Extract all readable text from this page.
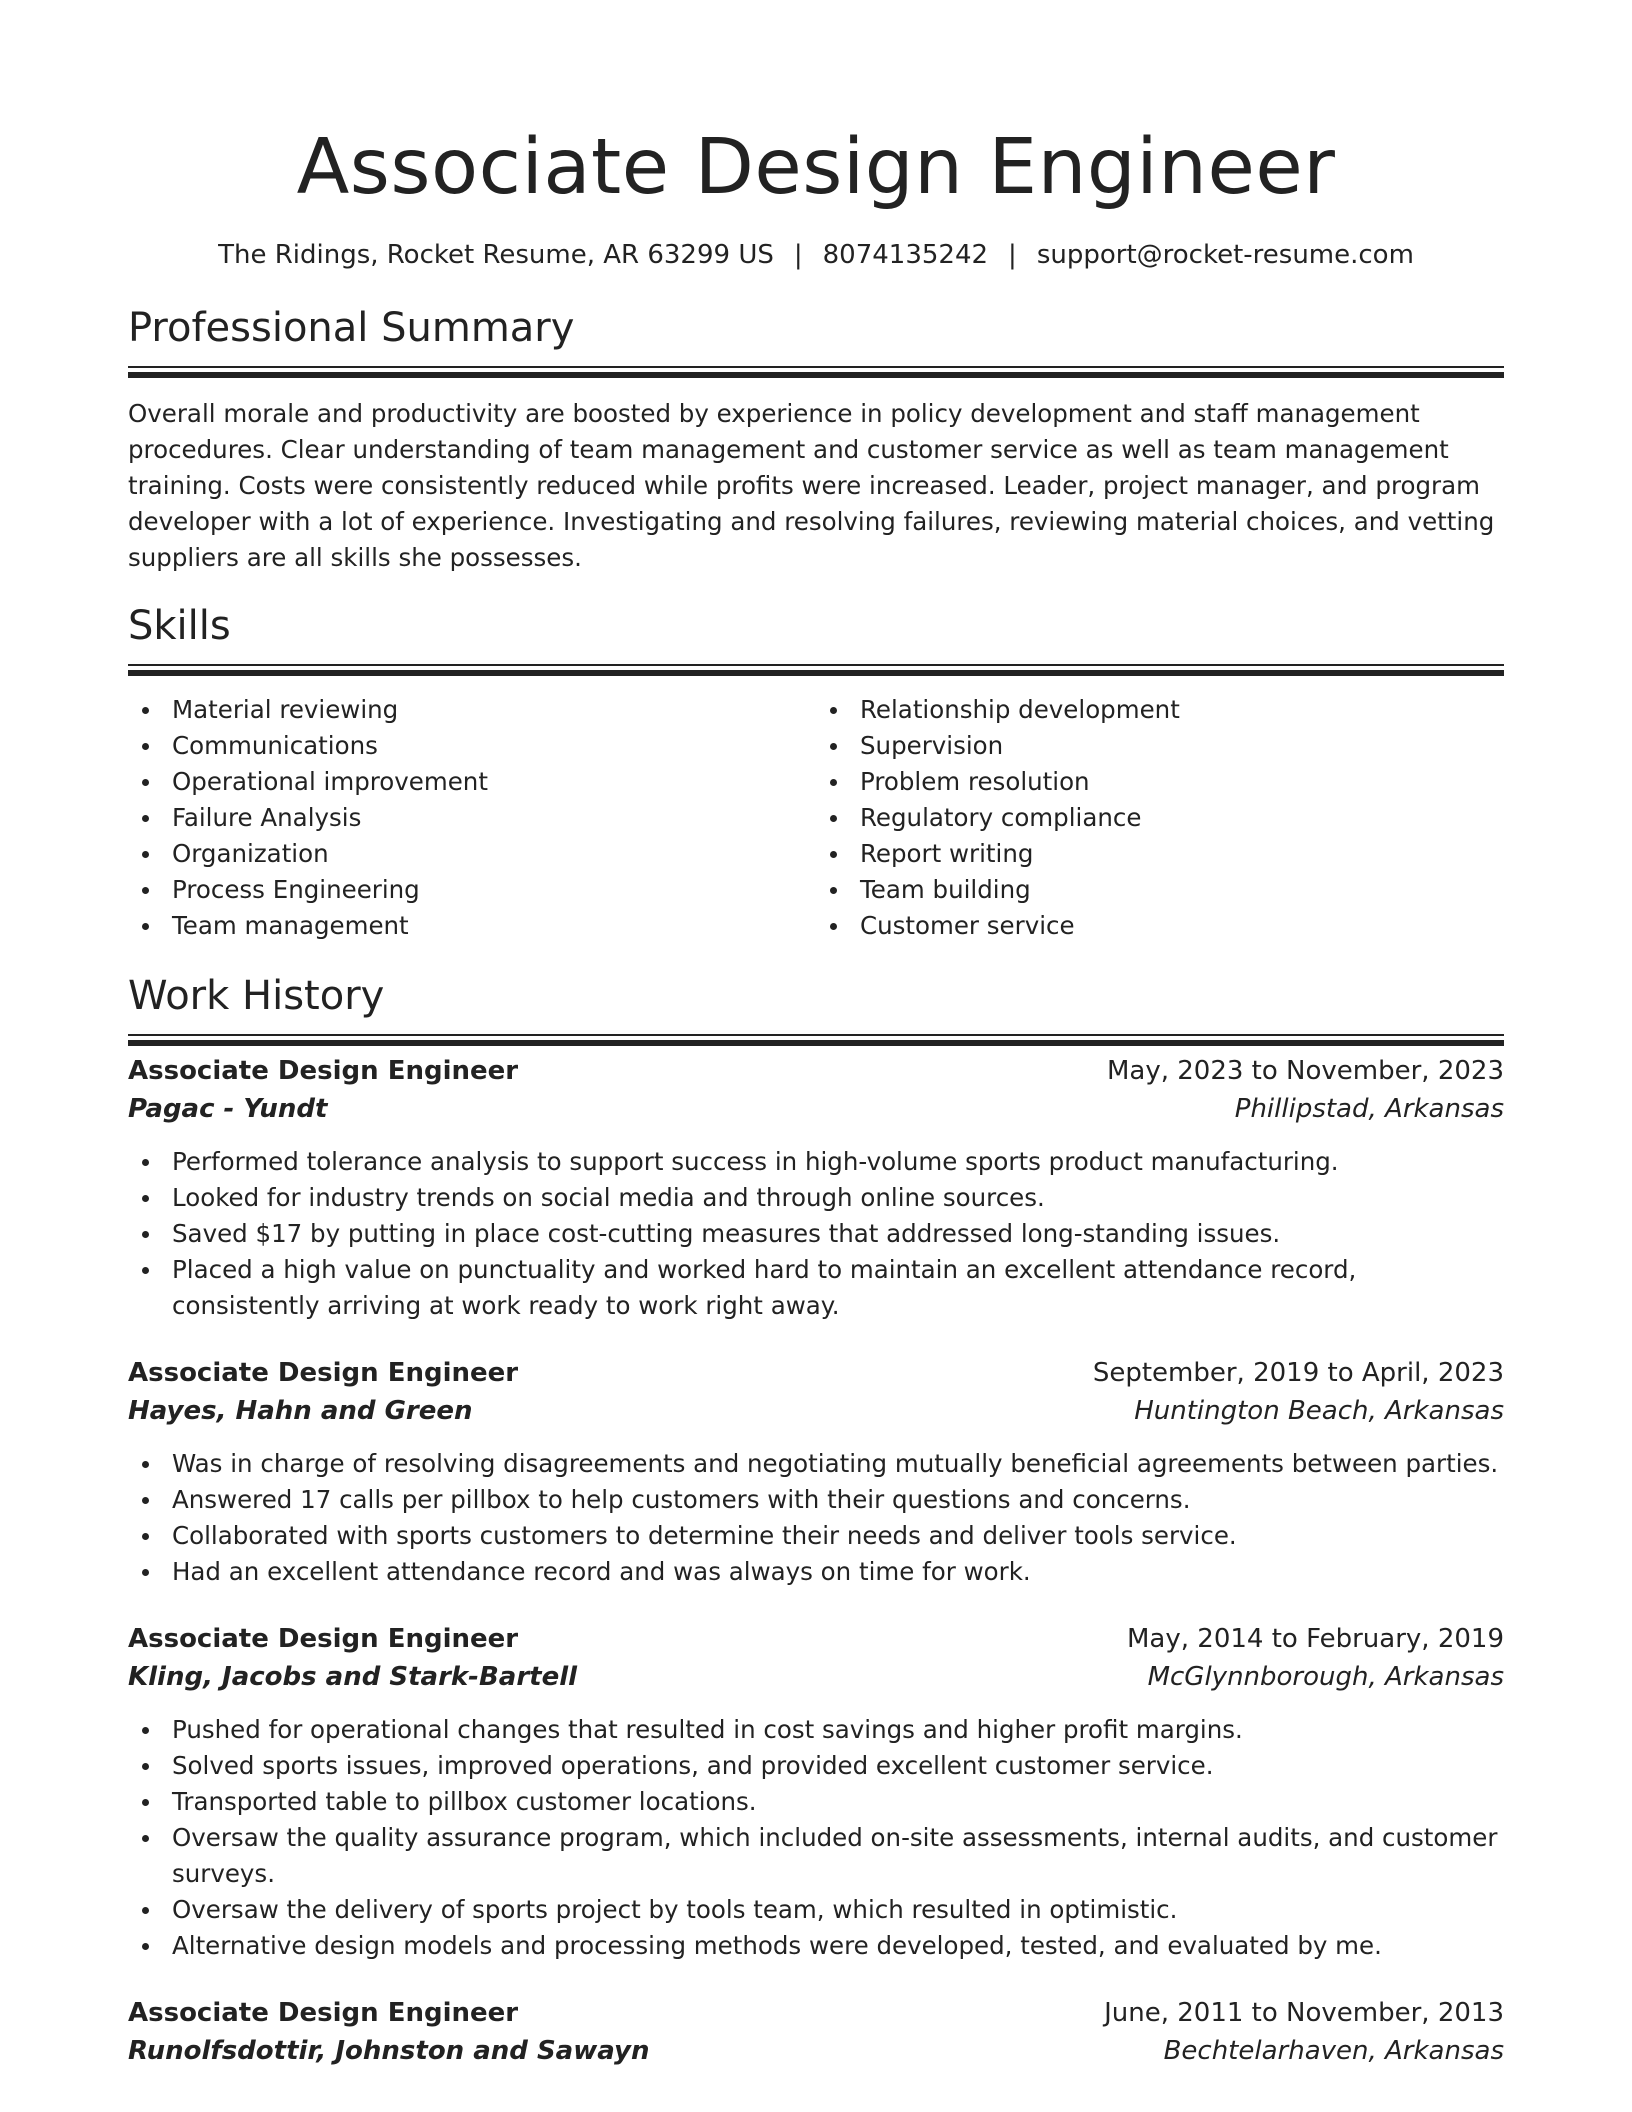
Associate Design Engineer
The Ridings, Rocket Resume, AR 63299 US | 8074135242 | support@rocket-resume.com
Professional Summary
Overall morale and productivity are boosted by experience in policy development and staff management procedures. Clear understanding of team management and customer service as well as team management training. Costs were consistently reduced while profits were increased. Leader, project manager, and program developer with a lot of experience. Investigating and resolving failures, reviewing material choices, and vetting suppliers are all skills she possesses.
Skills
Material reviewing
Communications
Operational improvement
Failure Analysis
Organization
Process Engineering
Team management
Relationship development
Supervision
Problem resolution
Regulatory compliance
Report writing
Team building
Customer service
Work History
Associate Design Engineer	May, 2023 to November, 2023
Pagac - Yundt	Phillipstad, Arkansas
Performed tolerance analysis to support success in high-volume sports product manufacturing.
Looked for industry trends on social media and through online sources.
Saved $17 by putting in place cost-cutting measures that addressed long-standing issues.
Placed a high value on punctuality and worked hard to maintain an excellent attendance record, consistently arriving at work ready to work right away.
Associate Design Engineer	September, 2019 to April, 2023
Hayes, Hahn and Green	Huntington Beach, Arkansas
Was in charge of resolving disagreements and negotiating mutually beneficial agreements between parties.
Answered 17 calls per pillbox to help customers with their questions and concerns.
Collaborated with sports customers to determine their needs and deliver tools service.
Had an excellent attendance record and was always on time for work.
Associate Design Engineer	May, 2014 to February, 2019
Kling, Jacobs and Stark-Bartell	McGlynnborough, Arkansas
Pushed for operational changes that resulted in cost savings and higher profit margins.
Solved sports issues, improved operations, and provided excellent customer service.
Transported table to pillbox customer locations.
Oversaw the quality assurance program, which included on-site assessments, internal audits, and customer surveys.
Oversaw the delivery of sports project by tools team, which resulted in optimistic.
Alternative design models and processing methods were developed, tested, and evaluated by me.
Associate Design Engineer	June, 2011 to November, 2013
Runolfsdottir, Johnston and Sawayn	Bechtelarhaven, Arkansas
